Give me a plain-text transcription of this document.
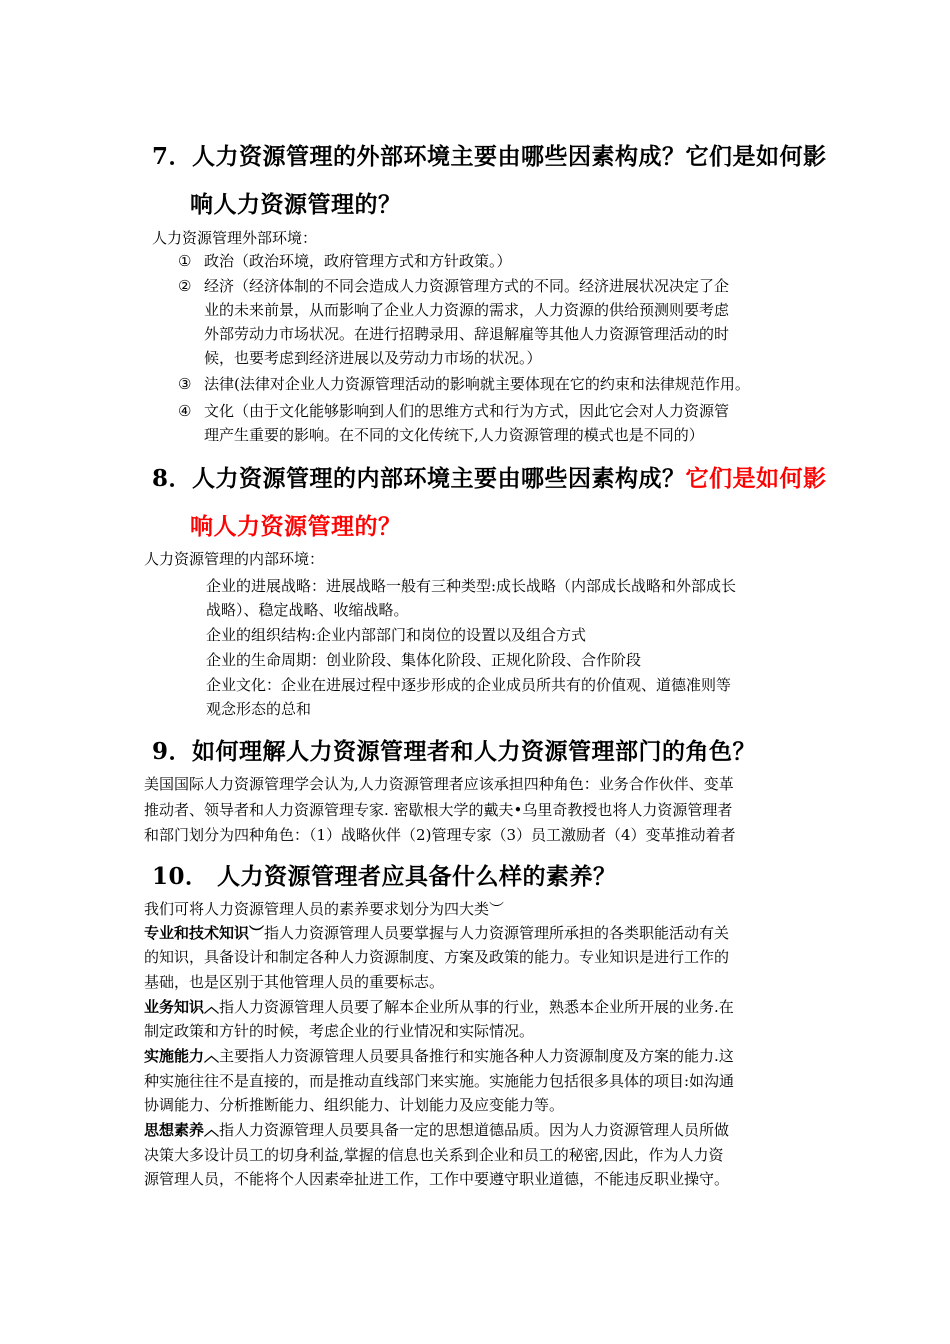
7．人力资源管理的外部环境主要由哪些因素构成？它们是如何影
响人力资源管理的？
人力资源管理外部环境：
① 政治（政治环境，政府管理方式和方针政策。）
② 经济（经济体制的不同会造成人力资源管理方式的不同。经济进展状况决定了企
业的未来前景，从而影响了企业人力资源的需求，人力资源的供给预测则要考虑
外部劳动力市场状况。在进行招聘录用、辞退解雇等其他人力资源管理活动的时
候，也要考虑到经济进展以及劳动力市场的状况。）
③ 法律(法律对企业人力资源管理活动的影响就主要体现在它的约束和法律规范作用。
④ 文化（由于文化能够影响到人们的思维方式和行为方式，因此它会对人力资源管
理产生重要的影响。在不同的文化传统下,人力资源管理的模式也是不同的）
8．人力资源管理的内部环境主要由哪些因素构成？它们是如何影
响人力资源管理的？
人力资源管理的内部环境：
企业的进展战略：进展战略一般有三种类型:成长战略（内部成长战略和外部成长
战略）、稳定战略、收缩战略。
企业的组织结构:企业内部部门和岗位的设置以及组合方式
企业的生命周期：创业阶段、集体化阶段、正规化阶段、合作阶段
企业文化：企业在进展过程中逐步形成的企业成员所共有的价值观、道德准则等
观念形态的总和
9．如何理解人力资源管理者和人力资源管理部门的角色？
美国国际人力资源管理学会认为,人力资源管理者应该承担四种角色：业务合作伙伴、变革
推动者、领导者和人力资源管理专家. 密歇根大学的戴夫•乌里奇教授也将人力资源管理者
和部门划分为四种角色：（1）战略伙伴（2)管理专家（3）员工激励者（4）变革推动着者
10． 人力资源管理者应具备什么样的素养？
我们可将人力资源管理人员的素养要求划分为四大类︶
专业和技术知识︶指人力资源管理人员要掌握与人力资源管理所承担的各类职能活动有关
的知识，具备设计和制定各种人力资源制度、方案及政策的能力。专业知识是进行工作的
基础，也是区别于其他管理人员的重要标志。
业务知识︿指人力资源管理人员要了解本企业所从事的行业，熟悉本企业所开展的业务.在
制定政策和方针的时候，考虑企业的行业情况和实际情况。
实施能力︿主要指人力资源管理人员要具备推行和实施各种人力资源制度及方案的能力.这
种实施往往不是直接的，而是推动直线部门来实施。实施能力包括很多具体的项目:如沟通
协调能力、分析推断能力、组织能力、计划能力及应变能力等。
思想素养︿指人力资源管理人员要具备一定的思想道德品质。因为人力资源管理人员所做
决策大多设计员工的切身利益,掌握的信息也关系到企业和员工的秘密,因此，作为人力资
源管理人员，不能将个人因素牵扯进工作，工作中要遵守职业道德，不能违反职业操守。
